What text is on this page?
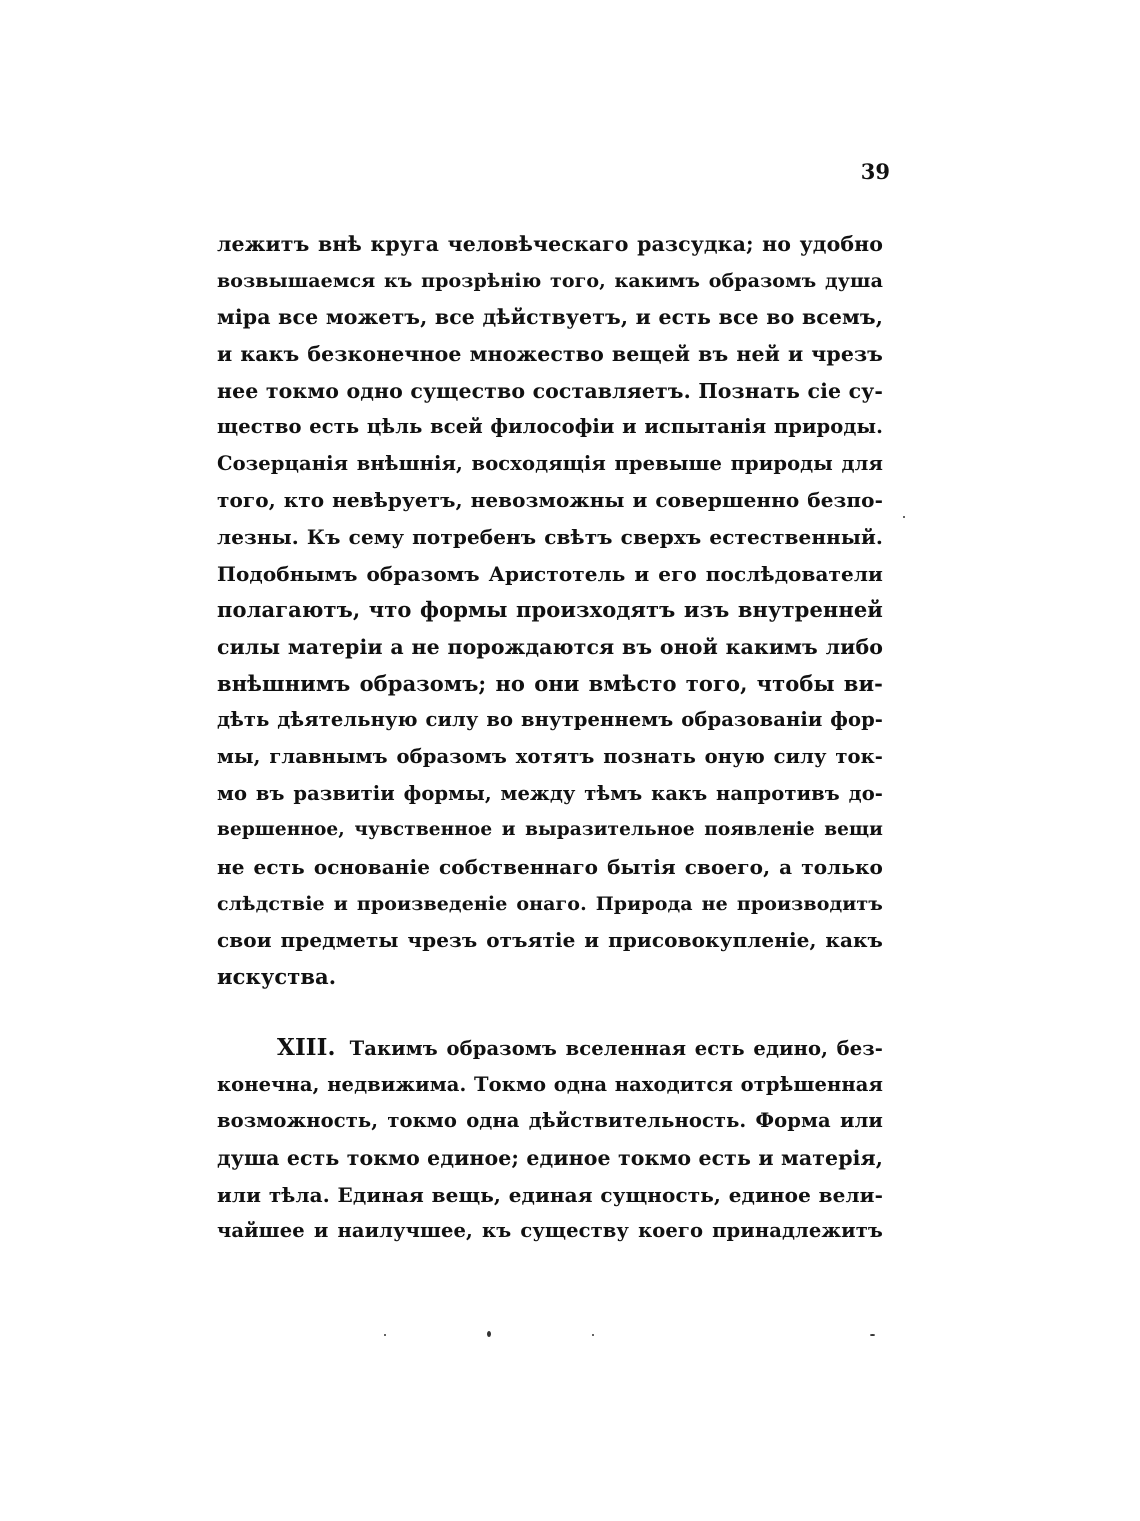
39
лежитъ внѣ круга человѣческаго разсудка; но удобно
возвышаемся къ прозрѣнію того, какимъ образомъ душа
міра все можетъ, все дѣйствуетъ, и есть все во всемъ,
и какъ безконечное множество вещей въ ней и чрезъ
нее токмо одно существо составляетъ. Познать сіе су-
щество есть цѣль всей философіи и испытанія природы.
Созерцанія внѣшнія, восходящія превыше природы для
того, кто невѣруетъ, невозможны и совершенно безпо-
лезны. Къ сему потребенъ свѣтъ сверхъ естественный.
Подобнымъ образомъ Аристотель и его послѣдователи
полагаютъ, что формы произходятъ изъ внутренней
силы матеріи а не порождаются въ оной какимъ либо
внѣшнимъ образомъ; но они вмѣсто того, чтобы ви-
дѣть дѣятельную силу во внутреннемъ образованіи фор-
мы, главнымъ образомъ хотятъ познать оную силу ток-
мо въ развитіи формы, между тѣмъ какъ напротивъ до-
вершенное, чувственное и выразительное появленіе вещи
не есть основаніе собственнаго бытія своего, а только
слѣдствіе и произведеніе онаго. Природа не производитъ
свои предметы чрезъ отъятіе и присовокупленіе, какъ
искуства.
XIII. Такимъ образомъ вселенная есть едино, без-
конечна, недвижима. Токмо одна находится отрѣшенная
возможность, токмо одна дѣйствительность. Форма или
душа есть токмо единое; единое токмо есть и матерія,
или тѣла. Единая вещь, единая сущность, единое вели-
чайшее и наилучшее, къ существу коего принадлежитъ
